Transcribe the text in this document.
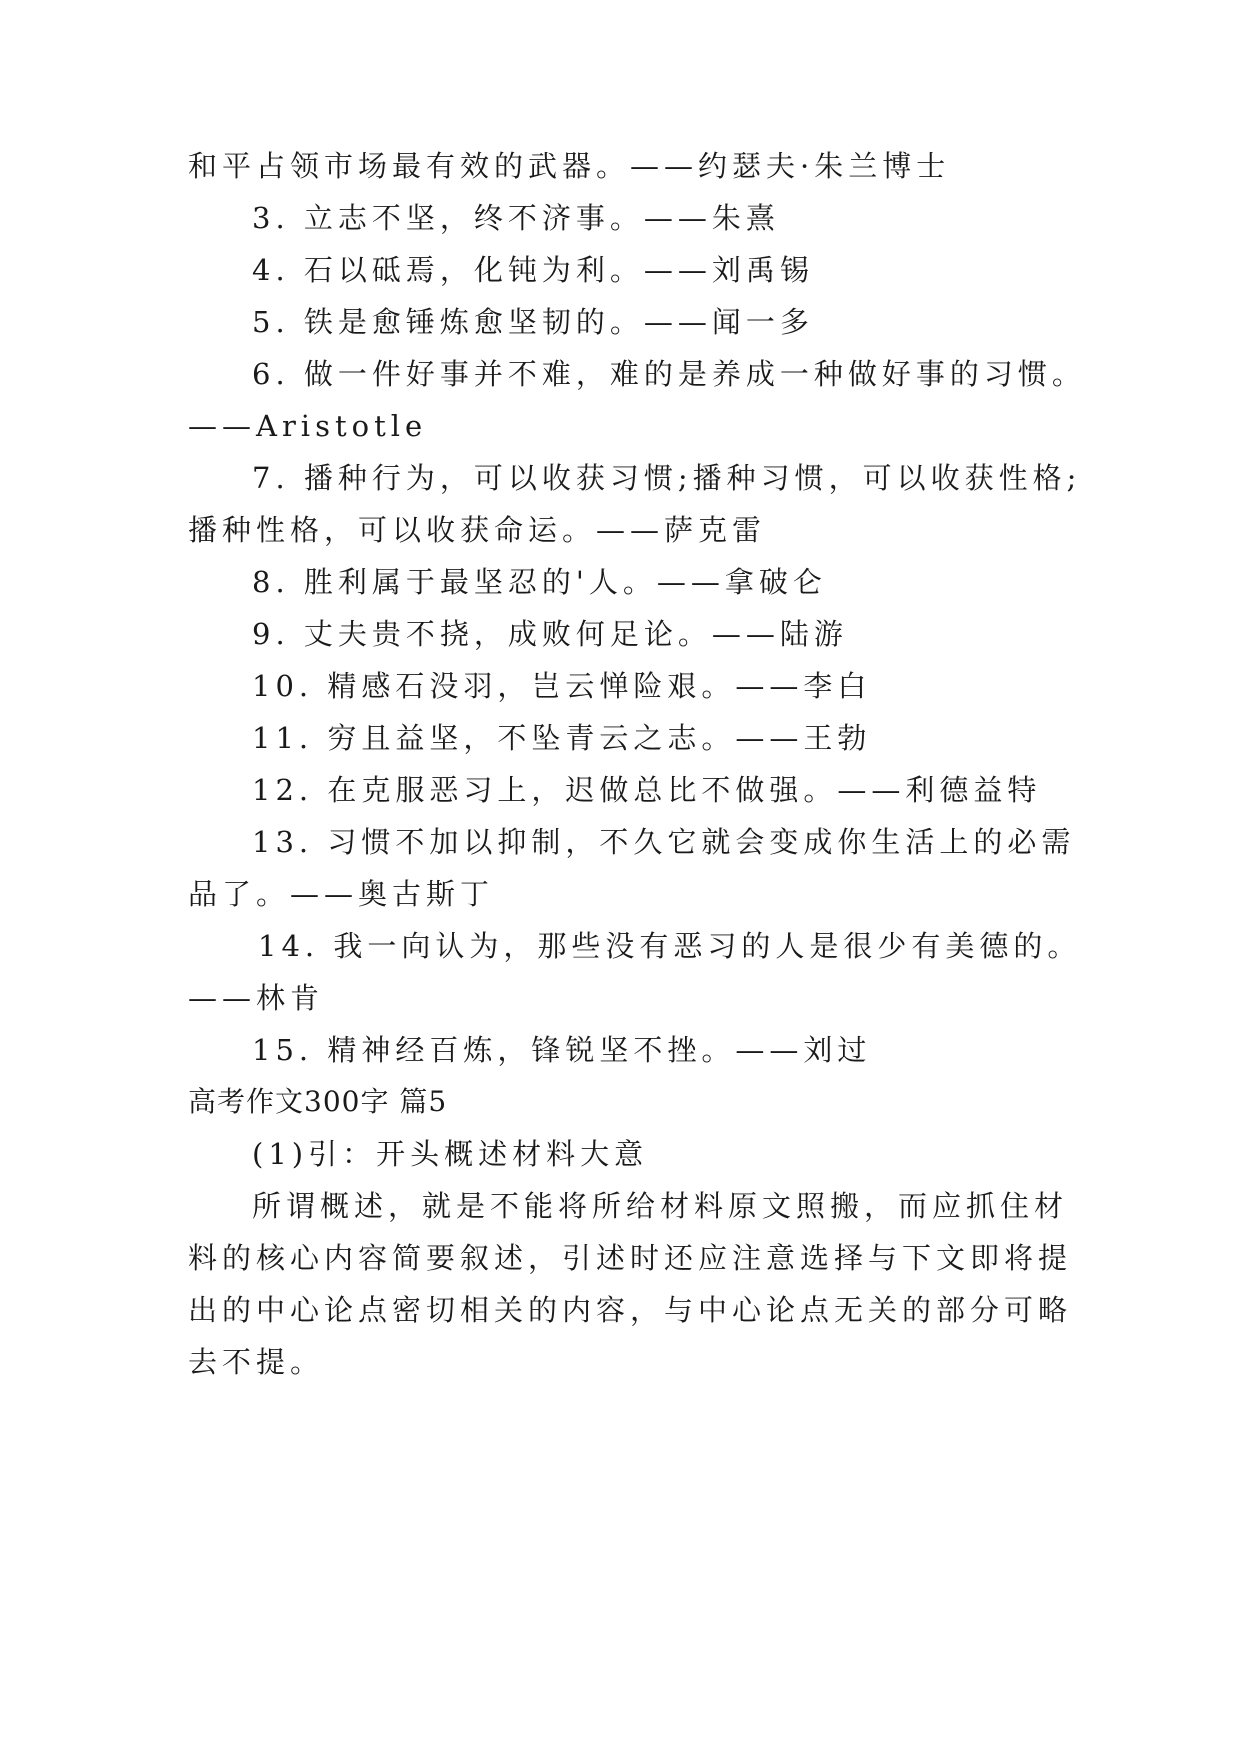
和平占领市场最有效的武器。——约瑟夫·朱兰博士
3. 立志不坚，终不济事。——朱熹
4. 石以砥焉，化钝为利。——刘禹锡
5. 铁是愈锤炼愈坚韧的。——闻一多
6. 做一件好事并不难，难的是养成一种做好事的习惯。
——Aristotle
7. 播种行为，可以收获习惯;播种习惯，可以收获性格;
播种性格，可以收获命运。——萨克雷
8. 胜利属于最坚忍的'人。——拿破仑
9. 丈夫贵不挠，成败何足论。——陆游
10. 精感石没羽，岂云惮险艰。——李白
11. 穷且益坚，不坠青云之志。——王勃
12. 在克服恶习上，迟做总比不做强。——利德益特
13. 习惯不加以抑制，不久它就会变成你生活上的必需
品了。——奥古斯丁
14. 我一向认为，那些没有恶习的人是很少有美德的。
——林肯
15. 精神经百炼，锋锐坚不挫。——刘过
高考作文300字 篇5
(1)引：开头概述材料大意
所谓概述，就是不能将所给材料原文照搬，而应抓住材
料的核心内容简要叙述，引述时还应注意选择与下文即将提
出的中心论点密切相关的内容，与中心论点无关的部分可略
去不提。
